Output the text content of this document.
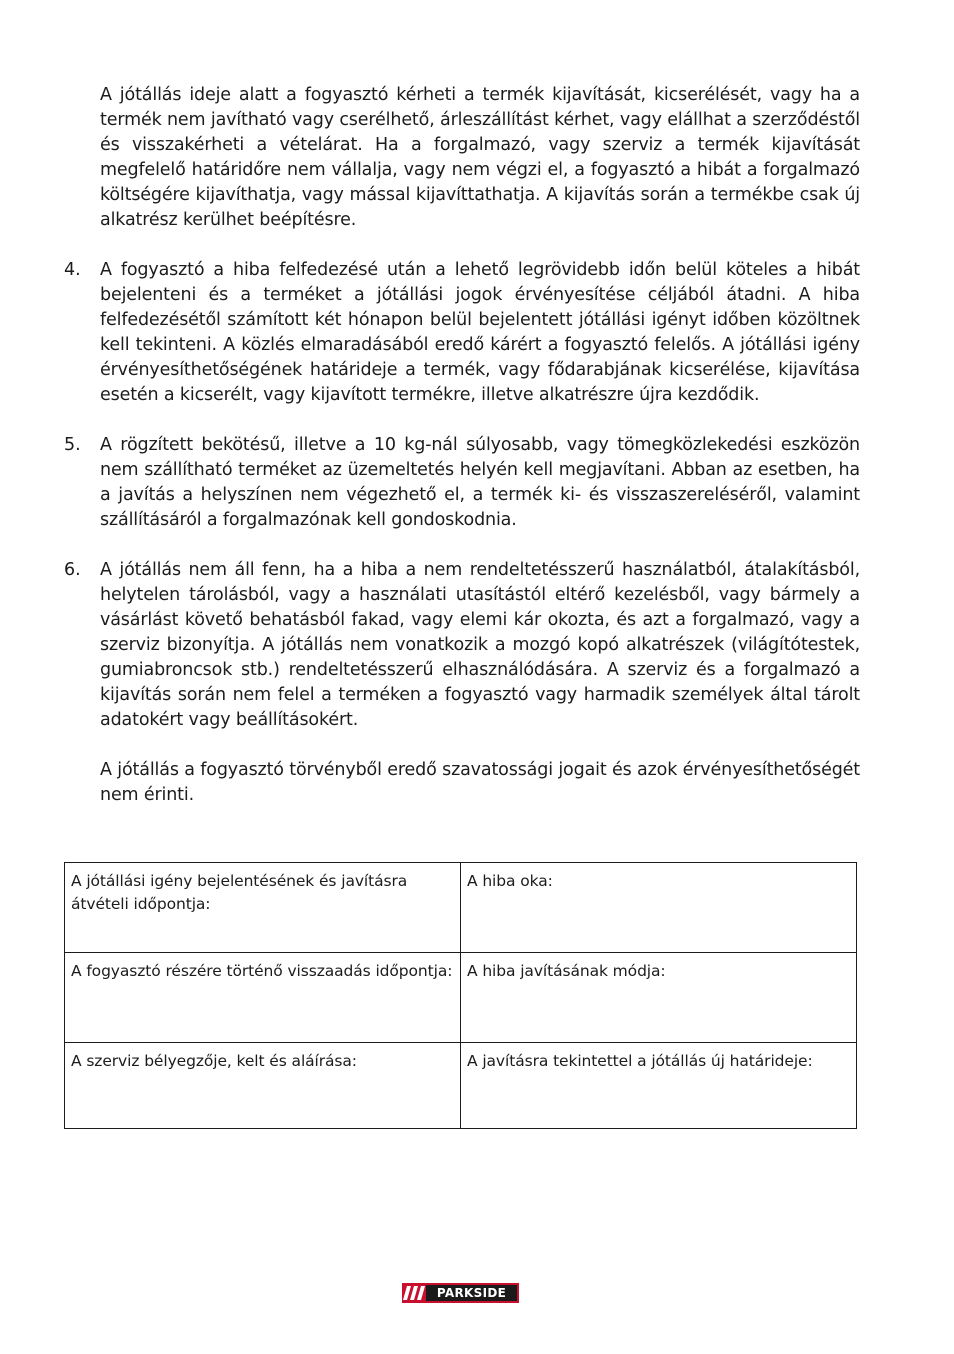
A jótállás ideje alatt a fogyasztó kérheti a termék kijavítását, kicserélését, vagy ha a termék nem javítható vagy cserélhető, árleszállítást kérhet, vagy elállhat a szerződéstől és visszakérheti a vételárat. Ha a forgalmazó, vagy szerviz a termék kijavítását megfelelő határidőre nem vállalja, vagy nem végzi el, a fogyasztó a hibát a forgalmazó költségére kijavíthatja, vagy mással kijavíttathatja. A kijavítás során a termékbe csak új alkatrész kerülhet beépítésre.

4. A fogyasztó a hiba felfedezésé után a lehető legrövidebb időn belül köteles a hibát bejelenteni és a terméket a jótállási jogok érvényesítése céljából átadni. A hiba felfedezésétől számított két hónapon belül bejelentett jótállási igényt időben közöltnek kell tekinteni. A közlés elmaradásából eredő kárért a fogyasztó felelős. A jótállási igény érvényesíthetőségének határideje a termék, vagy fődarabjának kicserélése, kijavítása esetén a kicserélt, vagy kijavított termékre, illetve alkatrészre újra kezdődik.

5. A rögzített bekötésű, illetve a 10 kg-nál súlyosabb, vagy tömegközlekedési eszközön nem szállítható terméket az üzemeltetés helyén kell megjavítani. Abban az esetben, ha a javítás a helyszínen nem végezhető el, a termék ki- és visszaszereléséről, valamint szállításáról a forgalmazónak kell gondoskodnia.

6. A jótállás nem áll fenn, ha a hiba a nem rendeltetésszerű használatból, átalakításból, helytelen tárolásból, vagy a használati utasítástól eltérő kezelésből, vagy bármely a vásárlást követő behatásból fakad, vagy elemi kár okozta, és azt a forgalmazó, vagy a szerviz bizonyítja. A jótállás nem vonatkozik a mozgó kopó alkatrészek (világítótestek, gumiabroncsok stb.) rendeltetésszerű elhasználódására. A szerviz és a forgalmazó a kijavítás során nem felel a terméken a fogyasztó vagy harmadik személyek által tárolt adatokért vagy beállításokért.

A jótállás a fogyasztó törvényből eredő szavatossági jogait és azok érvényesíthetőségét nem érinti.

A jótállási igény bejelentésének és javításra átvételi időpontja:	A hiba oka:
A fogyasztó részére történő visszaadás időpontja:	A hiba javításának módja:
A szerviz bélyegzője, kelt és aláírása:	A javításra tekintettel a jótállás új határideje:
PARKSIDE
